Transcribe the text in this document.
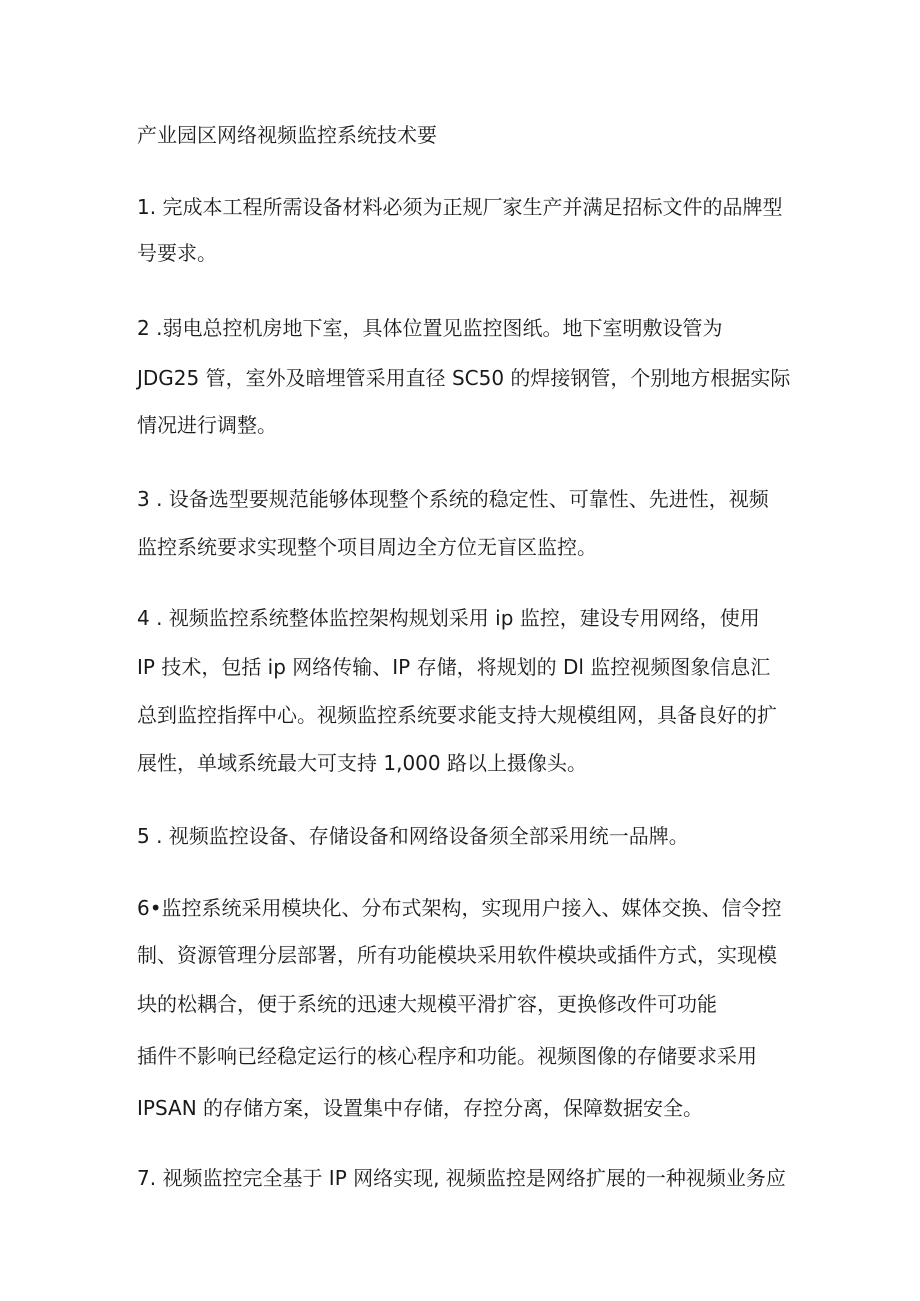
产业园区网络视频监控系统技术要
1. 完成本工程所需设备材料必须为正规厂家生产并满足招标文件的品牌型
号要求。
2 .弱电总控机房地下室，具体位置见监控图纸。地下室明敷设管为
JDG25 管，室外及暗埋管采用直径 SC50 的焊接钢管，个别地方根据实际
情况进行调整。
3 . 设备选型要规范能够体现整个系统的稳定性、可靠性、先进性，视频
监控系统要求实现整个项目周边全方位无盲区监控。
4 . 视频监控系统整体监控架构规划采用 ip 监控，建设专用网络，使用
IP 技术，包括 ip 网络传输、IP 存储，将规划的 Dl 监控视频图象信息汇
总到监控指挥中心。视频监控系统要求能支持大规模组网，具备良好的扩
展性，单域系统最大可支持 1,000 路以上摄像头。
5 . 视频监控设备、存储设备和网络设备须全部采用统一品牌。
6•监控系统采用模块化、分布式架构，实现用户接入、媒体交换、信令控
制、资源管理分层部署，所有功能模块采用软件模块或插件方式，实现模
块的松耦合，便于系统的迅速大规模平滑扩容，更换修改件可功能
插件不影响已经稳定运行的核心程序和功能。视频图像的存储要求采用
IPSAN 的存储方案，设置集中存储，存控分离，保障数据安全。
7. 视频监控完全基于 IP 网络实现, 视频监控是网络扩展的一种视频业务应
